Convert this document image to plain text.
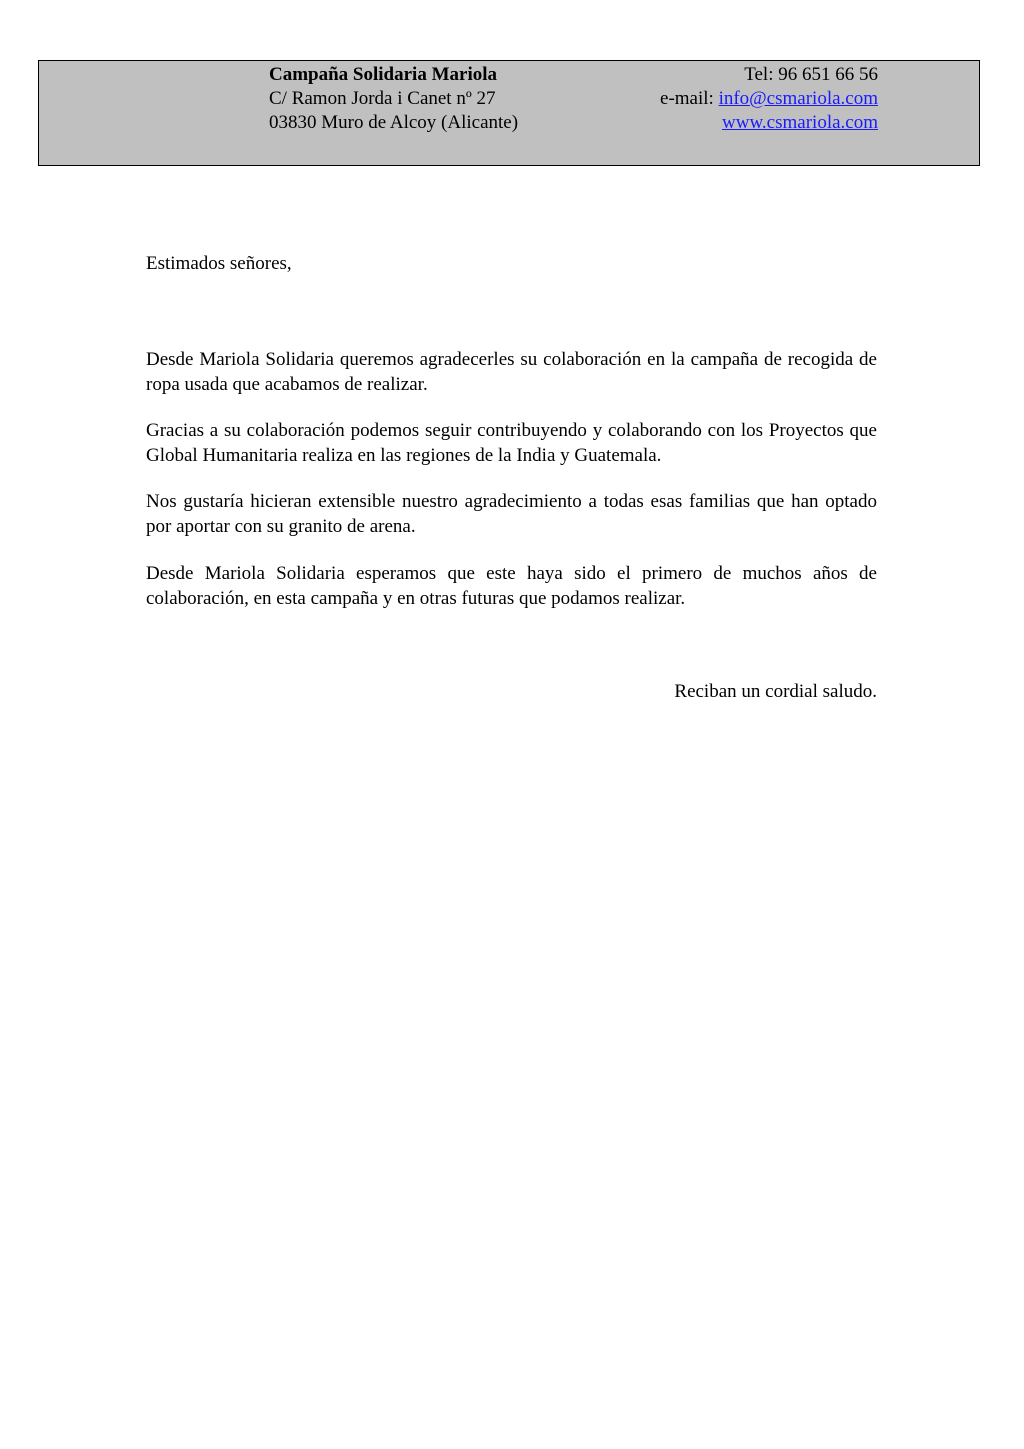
Campaña Solidaria Mariola
C/ Ramon Jorda i Canet nº 27
03830 Muro de Alcoy (Alicante)
Tel: 96 651 66 56
e-mail: info@csmariola.com
www.csmariola.com
Estimados señores,
Desde Mariola Solidaria queremos agradecerles su colaboración en la campaña de recogida de ropa usada que acabamos de realizar.
Gracias a su colaboración podemos seguir contribuyendo y colaborando con los Proyectos que Global Humanitaria realiza en las regiones de la India y Guatemala.
Nos gustaría hicieran extensible nuestro agradecimiento a todas esas familias que han optado por aportar con su granito de arena.
Desde Mariola Solidaria esperamos que este haya sido el primero de muchos años de colaboración, en esta campaña y en otras futuras que podamos realizar.
Reciban un cordial saludo.
